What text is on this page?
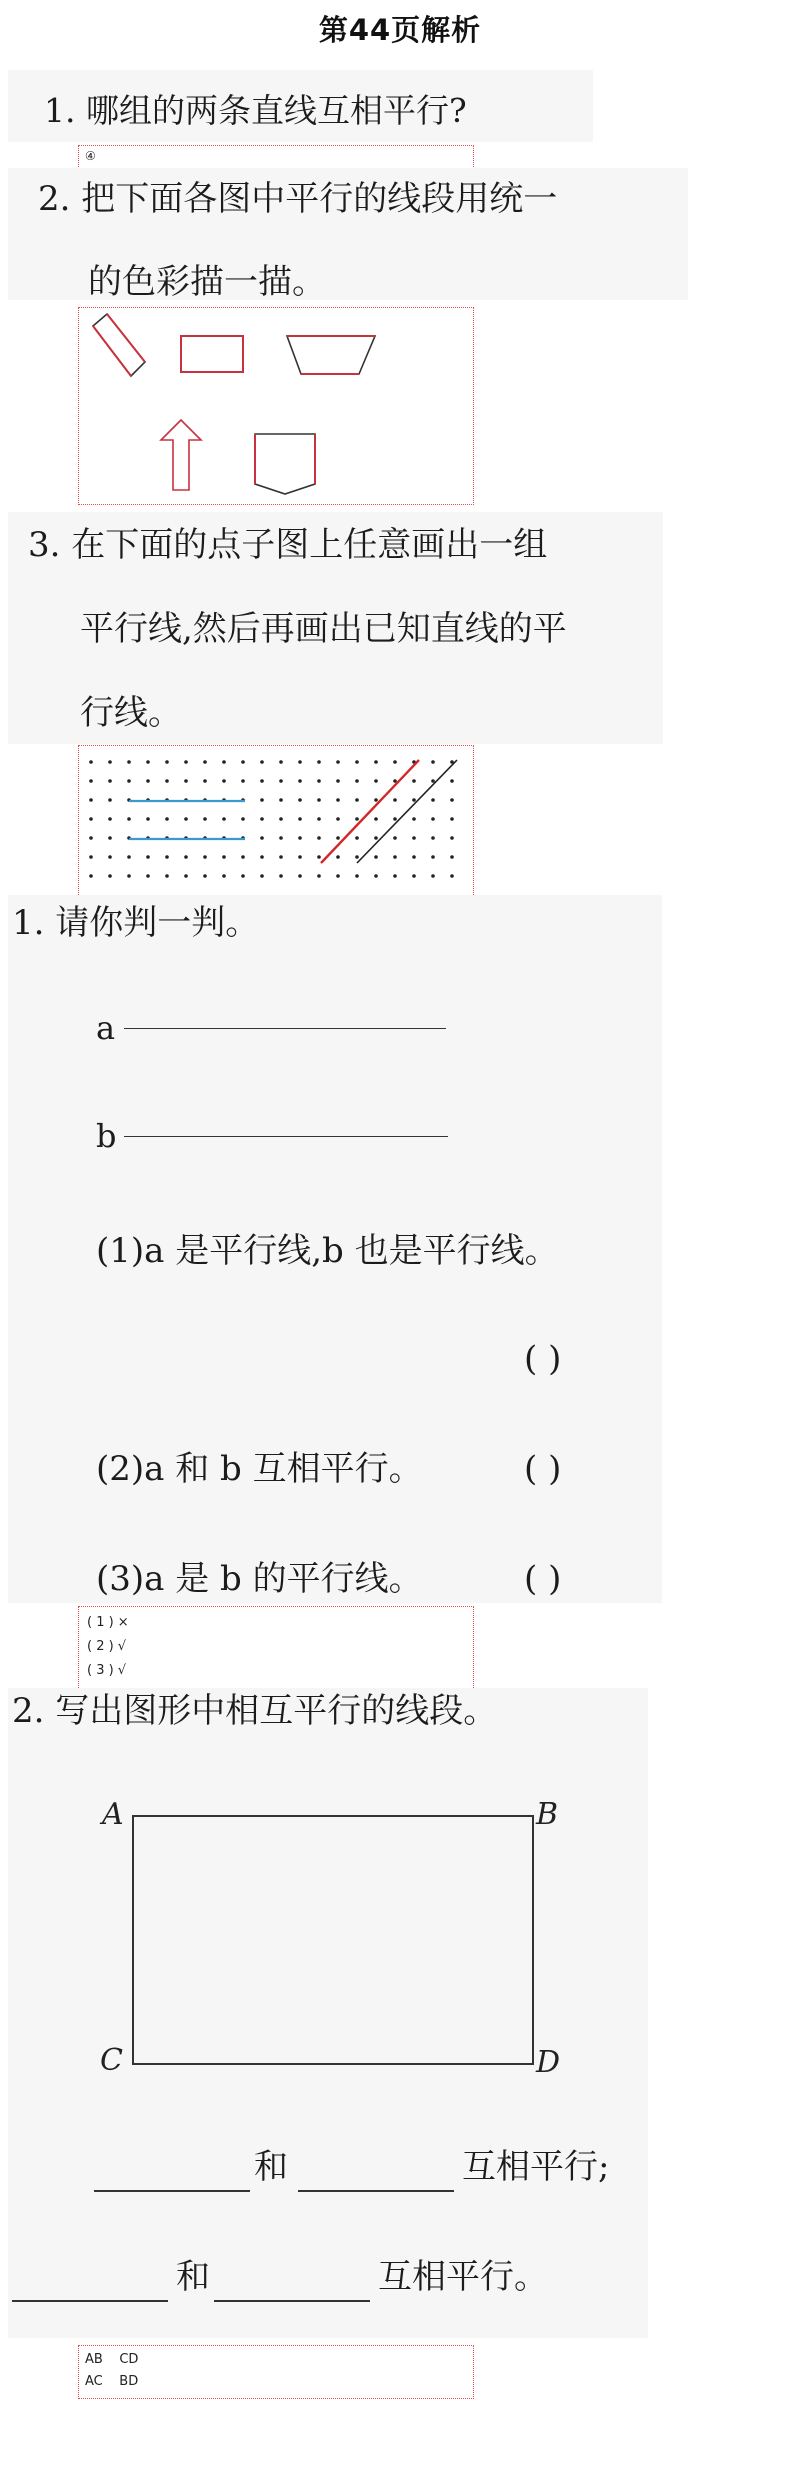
第44页解析
1. 哪组的两条直线互相平行?
④
2. 把下面各图中平行的线段用统一
的色彩描一描。
3. 在下面的点子图上任意画出一组
平行线,然后再画出已知直线的平
行线。
1. 请你判一判。
a
b
(1)a 是平行线,b 也是平行线。
( )
(2)a 和 b 互相平行。	( )
(3)a 是 b 的平行线。	( )
( 1 ) ×
( 2 ) √
( 3 ) √
2. 写出图形中相互平行的线段。
A	B
C	D
和	互相平行;
和	互相平行。
AB    CD
AC    BD
